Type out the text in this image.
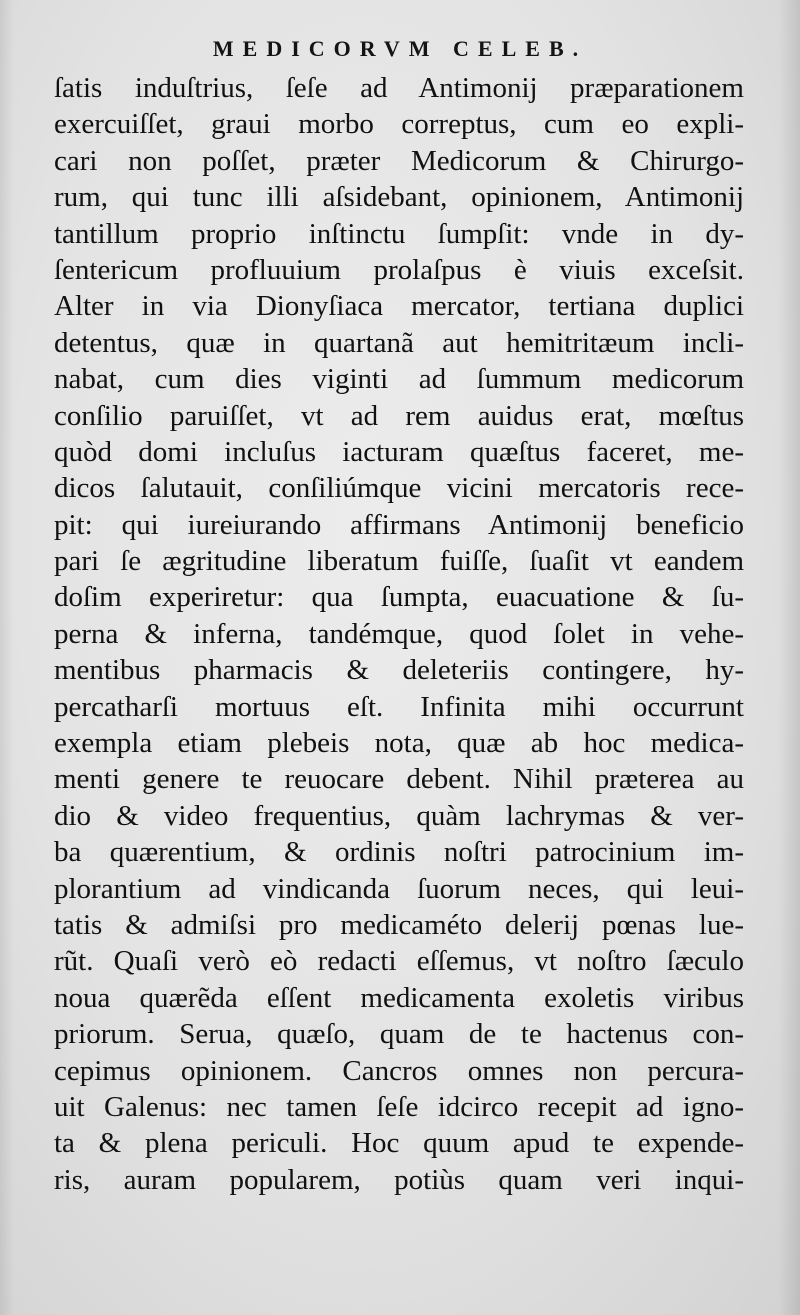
MEDICORVM CELEB.
ſatis induſtrius, ſeſe ad Antimonij præparationem
exercuiſſet, graui morbo correptus, cum eo expli-
cari non poſſet, præter Medicorum & Chirurgo-
rum, qui tunc illi aſsidebant, opinionem, Antimonij
tantillum proprio inſtinctu ſumpſit: vnde in dy-
ſentericum profluuium prolaſpus è viuis exceſsit.
Alter in via Dionyſiaca mercator, tertiana duplici
detentus, quæ in quartanã aut hemitritæum incli-
nabat, cum dies viginti ad ſummum medicorum
conſilio paruiſſet, vt ad rem auidus erat, mœſtus
quòd domi incluſus iacturam quæſtus faceret, me-
dicos ſalutauit, conſiliúmque vicini mercatoris rece-
pit: qui iureiurando affirmans Antimonij beneficio
pari ſe ægritudine liberatum fuiſſe, ſuaſit vt eandem
doſim experiretur: qua ſumpta, euacuatione & ſu-
perna & inferna, tandémque, quod ſolet in vehe-
mentibus pharmacis & deleteriis contingere, hy-
percatharſi mortuus eſt. Infinita mihi occurrunt
exempla etiam plebeis nota, quæ ab hoc medica-
menti genere te reuocare debent. Nihil præterea au
dio & video frequentius, quàm lachrymas & ver-
ba quærentium, & ordinis noſtri patrocinium im-
plorantium ad vindicanda ſuorum neces, qui leui-
tatis & admiſsi pro medicaméto delerij pœnas lue-
rũt. Quaſi verò eò redacti eſſemus, vt noſtro ſæculo
noua quærẽda eſſent medicamenta exoletis viribus
priorum. Serua, quæſo, quam de te hactenus con-
cepimus opinionem. Cancros omnes non percura-
uit Galenus: nec tamen ſeſe idcirco recepit ad igno-
ta & plena periculi. Hoc quum apud te expende-
ris, auram popularem, potiùs quam veri inqui-
